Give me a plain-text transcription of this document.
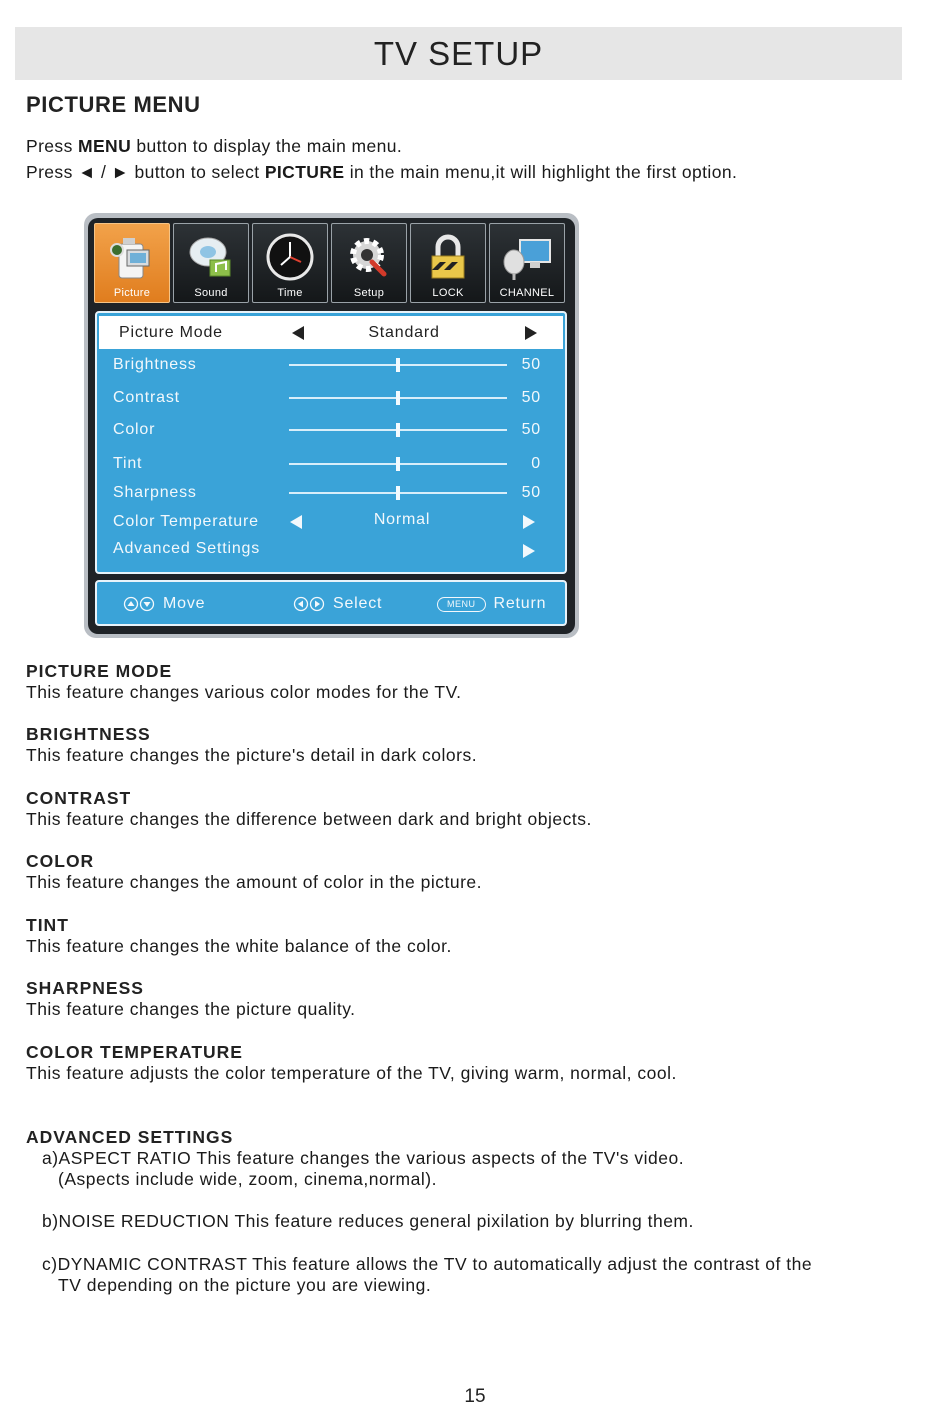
TV SETUP
PICTURE MENU
Press MENU button to display the main menu.
Press ◄ / ► button to select PICTURE in the main menu,it will highlight the first option.
Picture	Sound	Time	Setup	LOCK	CHANNEL
Picture Mode	Standard
Brightness	50
Contrast	50
Color	50
Tint	0
Sharpness	50
Color Temperature	Normal
Advanced Settings
Move	Select	MENU	Return
PICTURE MODE
This feature changes various color modes for the TV.
BRIGHTNESS
This feature changes the picture's detail in dark colors.
CONTRAST
This feature changes the difference between dark and bright objects.
COLOR
This feature changes the amount of color in the picture.
TINT
This feature changes the white balance of the color.
SHARPNESS
This feature changes the picture quality.
COLOR TEMPERATURE
This feature adjusts the color temperature of the TV, giving warm, normal, cool.
ADVANCED SETTINGS
a)ASPECT RATIO This feature changes the various aspects of the TV's video.
(Aspects include wide, zoom, cinema,normal).
b)NOISE REDUCTION This feature reduces general pixilation by blurring them.
c)DYNAMIC CONTRAST This feature allows the TV to automatically adjust the contrast of the
TV depending on the picture you are viewing.
15
